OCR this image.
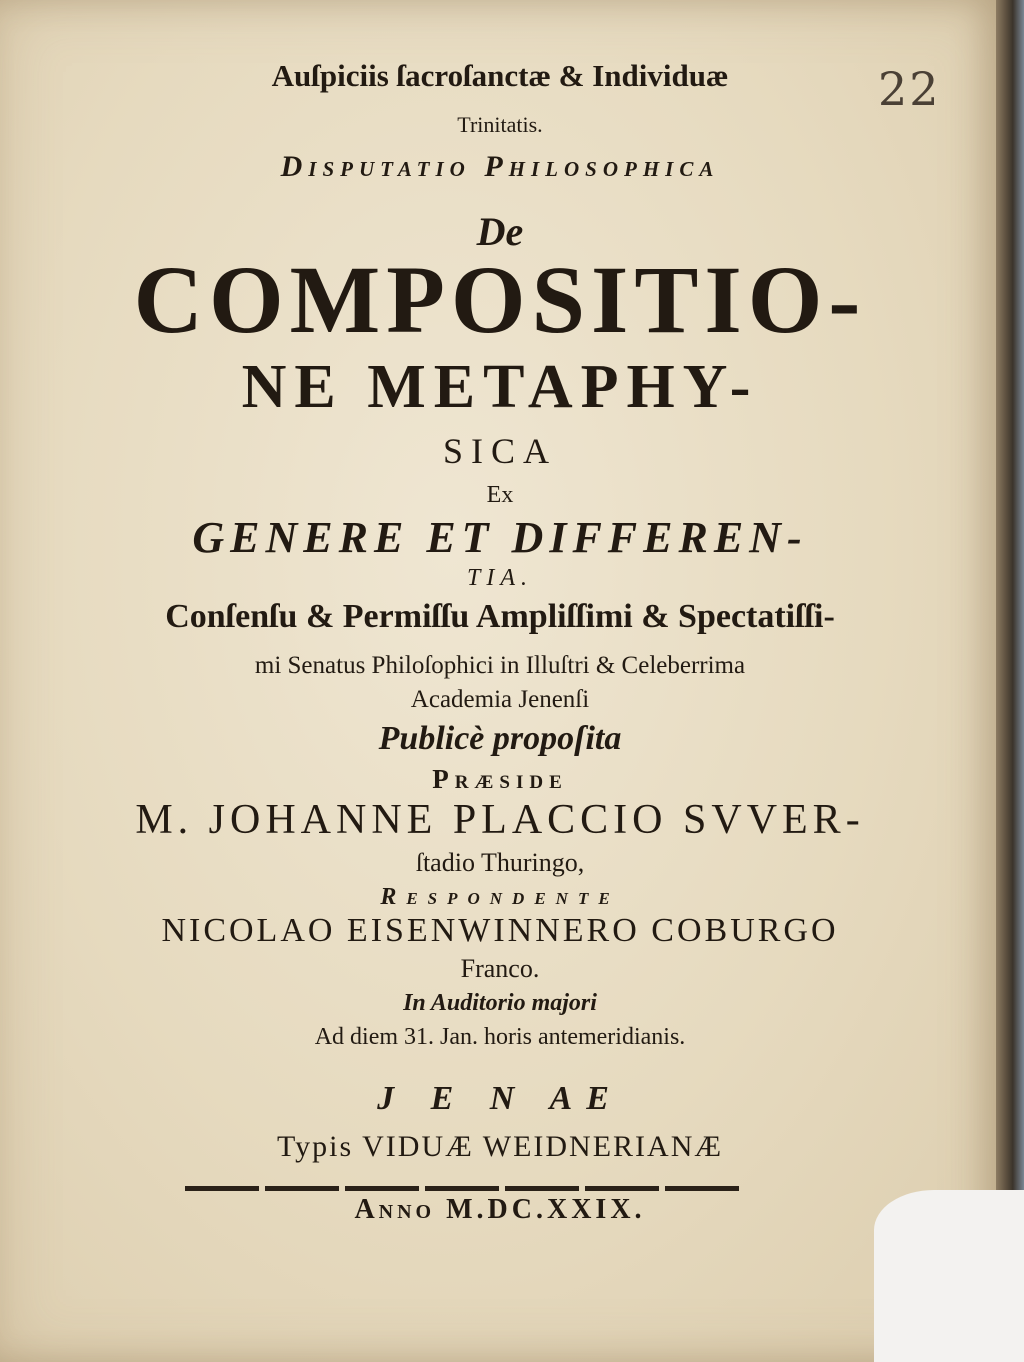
22
Auſpiciis ſacroſanctæ & Individuæ
Trinitatis.
Disputatio Philosophica
De
COMPOSITIO-
NE METAPHY-
SICA
Ex
GENERE ET DIFFEREN-
TIA.
Conſenſu & Permiſſu Ampliſſimi & Spectatiſſi-
mi Senatus Philoſophici in Illuſtri & Celeberrima
Academia Jenenſi
Publicè propoſita
Præside
M. JOHANNE PLACCIO SVVER-
ſtadio Thuringo,
Respondente
NICOLAO EISENWINNERO COBURGO
Franco.
In Auditorio majori
Ad diem 31. Jan. horis antemeridianis.
J E N AE
Typis VIDUÆ WEIDNERIANÆ
Anno M.DC.XXIX.
